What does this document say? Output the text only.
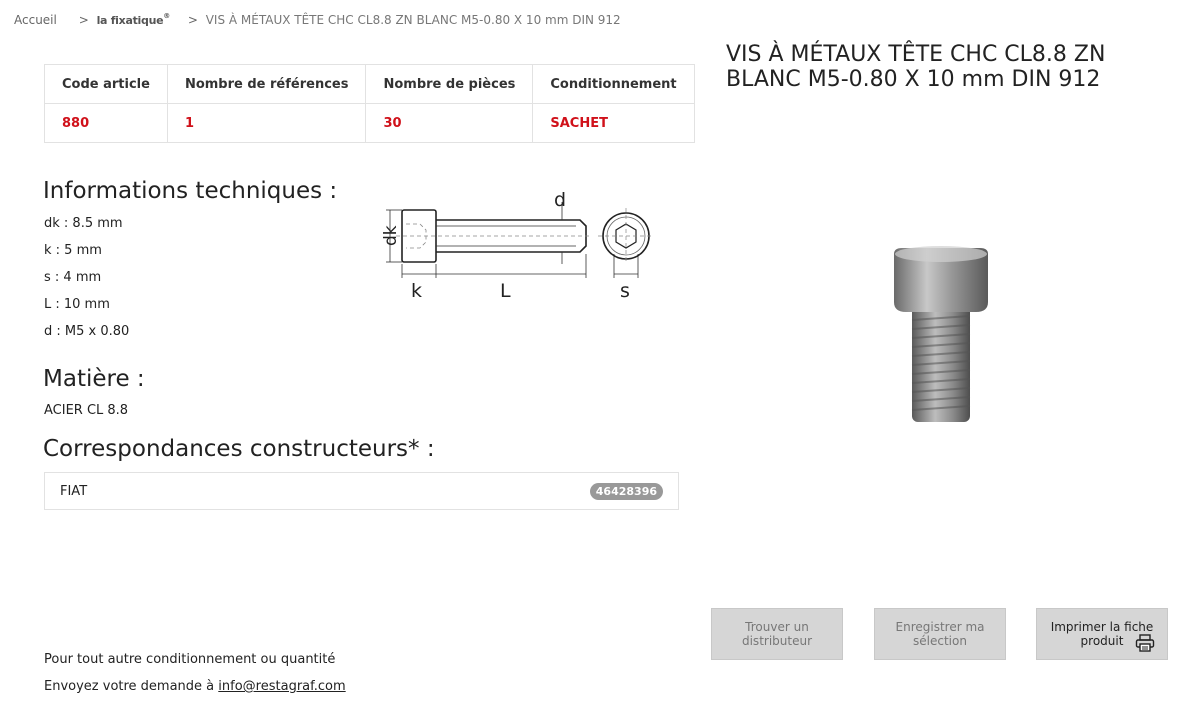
Accueil > la fixatique® > VIS À MÉTAUX TÊTE CHC CL8.8 ZN BLANC M5-0.80 X 10 mm DIN 912
Code article	Nombre de références	Nombre de pièces	Conditionnement
880	1	30	SACHET
Informations techniques :
dk : 8.5 mm
k : 5 mm
s : 4 mm
L : 10 mm
d : M5 x 0.80
d
dk
k	L	s
Matière :
ACIER CL 8.8
Correspondances constructeurs* :
FIAT	46428396
VIS À MÉTAUX TÊTE CHC CL8.8 ZN BLANC M5-0.80 X 10 mm DIN 912
Trouver un distributeur
Enregistrer ma sélection
Imprimer la fiche produit
Pour tout autre conditionnement ou quantité
Envoyez votre demande à info@restagraf.com
